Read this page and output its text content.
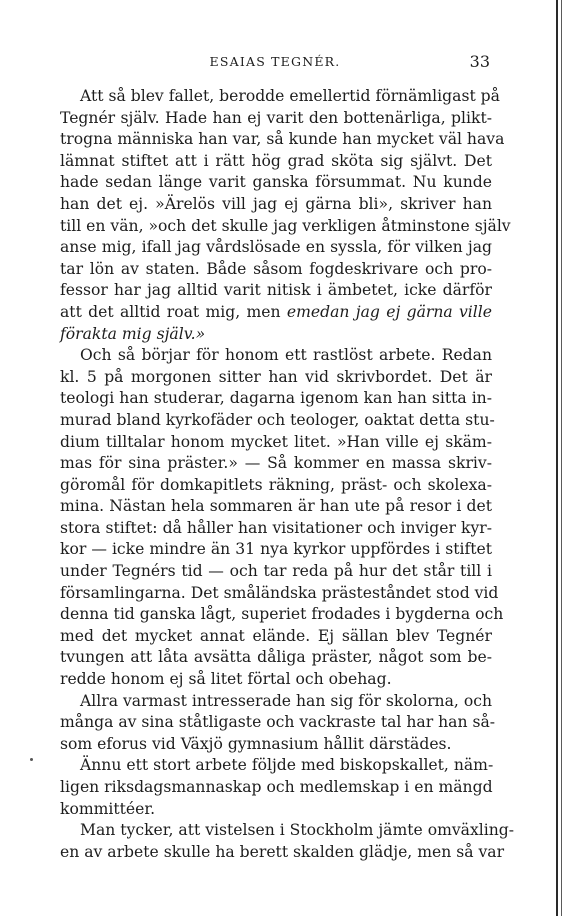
ESAIAS TEGNÉR.	33
Att så blev fallet, berodde emellertid förnämligast på
Tegnér själv. Hade han ej varit den bottenärliga, plikt-
trogna människa han var, så kunde han mycket väl hava
lämnat stiftet att i rätt hög grad sköta sig självt. Det
hade sedan länge varit ganska försummat. Nu kunde
han det ej. »Ärelös vill jag ej gärna bli», skriver han
till en vän, »och det skulle jag verkligen åtminstone själv
anse mig, ifall jag vårdslösade en syssla, för vilken jag
tar lön av staten. Både såsom fogdeskrivare och pro-
fessor har jag alltid varit nitisk i ämbetet, icke därför
att det alltid roat mig, men emedan jag ej gärna ville
förakta mig själv.»
Och så börjar för honom ett rastlöst arbete. Redan
kl. 5 på morgonen sitter han vid skrivbordet. Det är
teologi han studerar, dagarna igenom kan han sitta in-
murad bland kyrkofäder och teologer, oaktat detta stu-
dium tilltalar honom mycket litet. »Han ville ej skäm-
mas för sina präster.» — Så kommer en massa skriv-
göromål för domkapitlets räkning, präst- och skolexa-
mina. Nästan hela sommaren är han ute på resor i det
stora stiftet: då håller han visitationer och inviger kyr-
kor — icke mindre än 31 nya kyrkor uppfördes i stiftet
under Tegnérs tid — och tar reda på hur det står till i
församlingarna. Det småländska prästeståndet stod vid
denna tid ganska lågt, superiet frodades i bygderna och
med det mycket annat elände. Ej sällan blev Tegnér
tvungen att låta avsätta dåliga präster, något som be-
redde honom ej så litet förtal och obehag.
Allra varmast intresserade han sig för skolorna, och
många av sina ståtligaste och vackraste tal har han så-
som eforus vid Växjö gymnasium hållit därstädes.
Ännu ett stort arbete följde med biskopskallet, näm-
ligen riksdagsmannaskap och medlemskap i en mängd
kommittéer.
Man tycker, att vistelsen i Stockholm jämte omväxling-
en av arbete skulle ha berett skalden glädje, men så var
